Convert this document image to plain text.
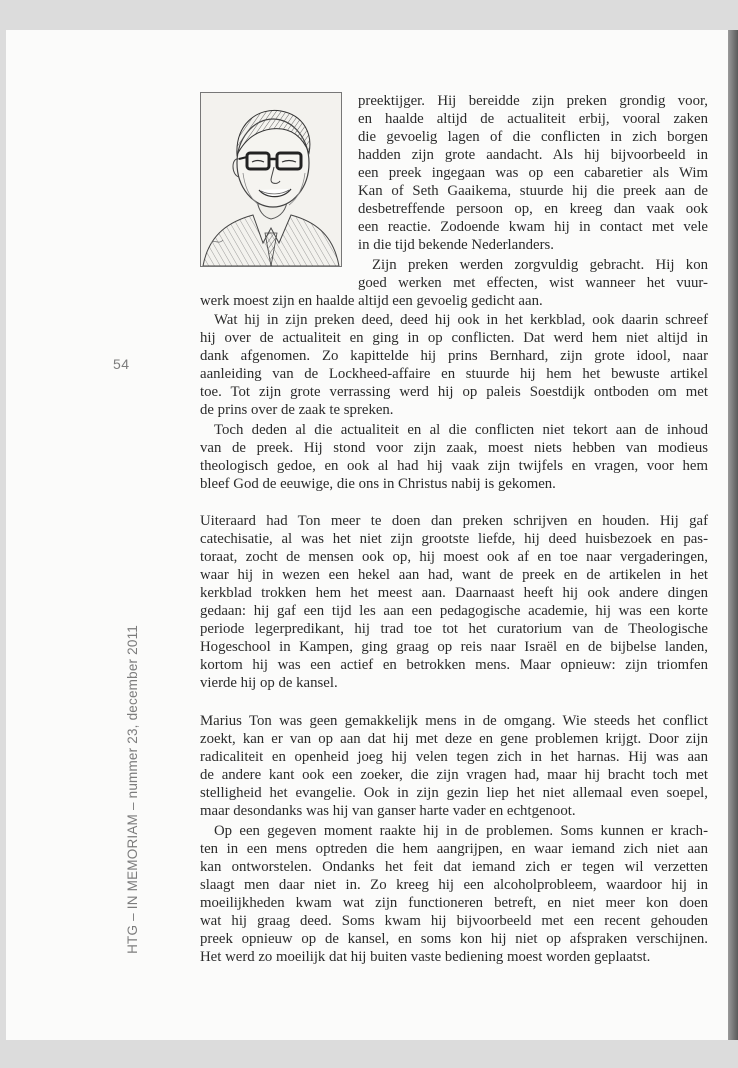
54
HTG – IN MEMORIAM – nummer 23, december 2011
preektijger. Hij bereidde zijn preken grondig voor,
en haalde altijd de actualiteit erbij, vooral zaken
die gevoelig lagen of die conflicten in zich borgen
hadden zijn grote aandacht. Als hij bijvoorbeeld in
een preek ingegaan was op een cabaretier als Wim
Kan of Seth Gaaikema, stuurde hij die preek aan de
desbetreffende persoon op, en kreeg dan vaak ook
een reactie. Zodoende kwam hij in contact met vele
in die tijd bekende Nederlanders.
Zijn preken werden zorgvuldig gebracht. Hij kon
goed werken met effecten, wist wanneer het vuur-
werk moest zijn en haalde altijd een gevoelig gedicht aan.
Wat hij in zijn preken deed, deed hij ook in het kerkblad, ook daarin schreef
hij over de actualiteit en ging in op conflicten. Dat werd hem niet altijd in
dank afgenomen. Zo kapittelde hij prins Bernhard, zijn grote idool, naar
aanleiding van de Lockheed-affaire en stuurde hij hem het bewuste artikel
toe. Tot zijn grote verrassing werd hij op paleis Soestdijk ontboden om met
de prins over de zaak te spreken.
Toch deden al die actualiteit en al die conflicten niet tekort aan de inhoud
van de preek. Hij stond voor zijn zaak, moest niets hebben van modieus
theologisch gedoe, en ook al had hij vaak zijn twijfels en vragen, voor hem
bleef God de eeuwige, die ons in Christus nabij is gekomen.
Uiteraard had Ton meer te doen dan preken schrijven en houden. Hij gaf
catechisatie, al was het niet zijn grootste liefde, hij deed huisbezoek en pas-
toraat, zocht de mensen ook op, hij moest ook af en toe naar vergaderingen,
waar hij in wezen een hekel aan had, want de preek en de artikelen in het
kerkblad trokken hem het meest aan. Daarnaast heeft hij ook andere dingen
gedaan: hij gaf een tijd les aan een pedagogische academie, hij was een korte
periode legerpredikant, hij trad toe tot het curatorium van de Theologische
Hogeschool in Kampen, ging graag op reis naar Israël en de bijbelse landen,
kortom hij was een actief en betrokken mens. Maar opnieuw: zijn triomfen
vierde hij op de kansel.
Marius Ton was geen gemakkelijk mens in de omgang. Wie steeds het conflict
zoekt, kan er van op aan dat hij met deze en gene problemen krijgt. Door zijn
radicaliteit en openheid joeg hij velen tegen zich in het harnas. Hij was aan
de andere kant ook een zoeker, die zijn vragen had, maar hij bracht toch met
stelligheid het evangelie. Ook in zijn gezin liep het niet allemaal even soepel,
maar desondanks was hij van ganser harte vader en echtgenoot.
Op een gegeven moment raakte hij in de problemen. Soms kunnen er krach-
ten in een mens optreden die hem aangrijpen, en waar iemand zich niet aan
kan ontworstelen. Ondanks het feit dat iemand zich er tegen wil verzetten
slaagt men daar niet in. Zo kreeg hij een alcoholprobleem, waardoor hij in
moeilijkheden kwam wat zijn functioneren betreft, en niet meer kon doen
wat hij graag deed. Soms kwam hij bijvoorbeeld met een recent gehouden
preek opnieuw op de kansel, en soms kon hij niet op afspraken verschijnen.
Het werd zo moeilijk dat hij buiten vaste bediening moest worden geplaatst.
